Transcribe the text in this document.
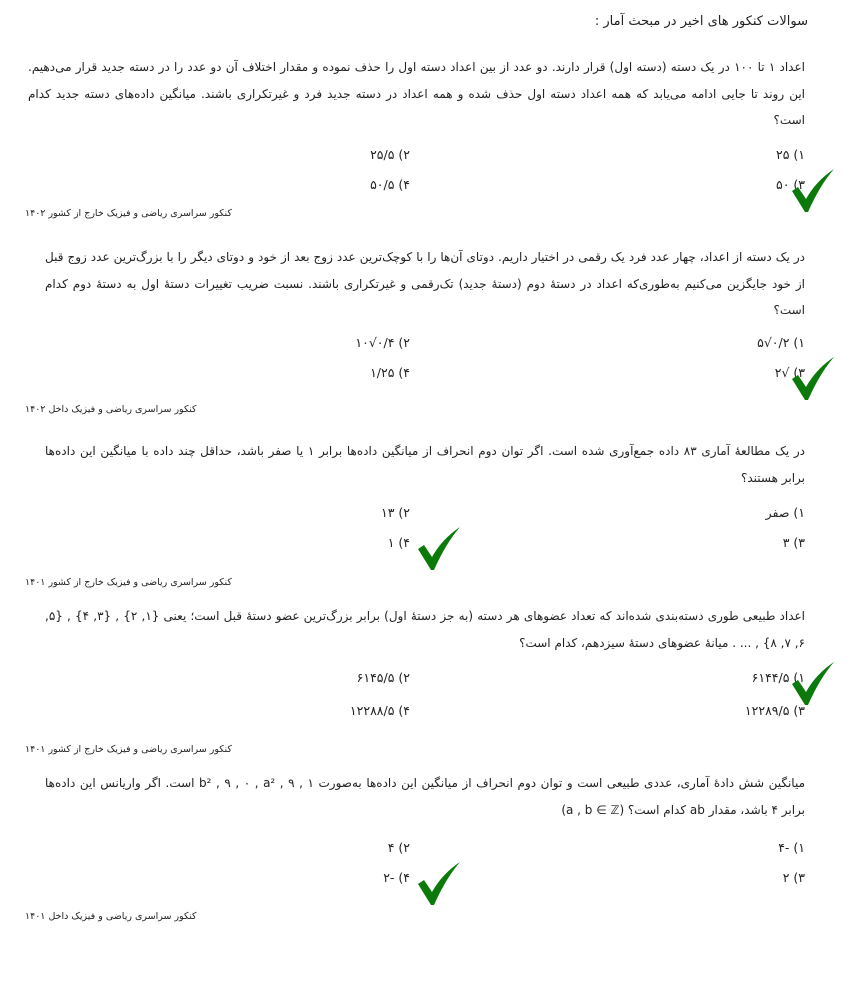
سوالات کنکور های اخیر در مبحث آمار :
اعداد ۱ تا ۱۰۰ در یک دسته (دسته اول) قرار دارند. دو عدد از بین اعداد دسته اول را حذف نموده و مقدار اختلاف آن دو عدد را در دسته جدید قرار می‌دهیم. این روند تا جایی ادامه می‌یابد که همه اعداد دسته اول حذف شده و همه اعداد در دسته جدید فرد و غیرتکراری باشند. میانگین داده‌های دسته جدید کدام است؟
۱) ۲۵
۲) ۲۵/۵
۳) ۵۰
۴) ۵۰/۵
کنکور سراسری ریاضی و فیزیک خارج از کشور ۱۴۰۲
در یک دسته از اعداد، چهار عدد فرد یک رقمی در اختیار داریم. دوتای آن‌ها را با کوچک‌ترین عدد زوج بعد از خود و دوتای دیگر را با بزرگ‌ترین عدد زوج قبل از خود جایگزین می‌کنیم به‌طوری‌که اعداد در دستهٔ دوم (دستهٔ جدید) تک‌رقمی و غیرتکراری باشند. نسبت ضریب تغییرات دستهٔ اول به دستهٔ دوم کدام است؟
۱) ۰/۲√۵
۲) ۰/۴√۱۰
۳) √۲
۴) ۱/۲۵
کنکور سراسری ریاضی و فیزیک داخل ۱۴۰۲
در یک مطالعهٔ آماری ۸۳ داده جمع‌آوری شده است. اگر توان دوم انحراف از میانگین داده‌ها برابر ۱ یا صفر باشد، حداقل چند داده با میانگین این داده‌ها برابر هستند؟
۱) صفر
۲) ۱۳
۳) ۳
۴) ۱
کنکور سراسری ریاضی و فیزیک خارج از کشور ۱۴۰۱
اعداد طبیعی طوری دسته‌بندی شده‌اند که تعداد عضوهای هر دسته (به جز دستهٔ اول) برابر بزرگ‌ترین عضو دستهٔ قبل است؛ یعنی {۱, ۲} , {۳, ۴} , {۵, ۶, ۷, ۸} , ... . میانهٔ عضوهای دستهٔ سیزدهم، کدام است؟
۱) ۶۱۴۴/۵
۲) ۶۱۴۵/۵
۳) ۱۲۲۸۹/۵
۴) ۱۲۲۸۸/۵
کنکور سراسری ریاضی و فیزیک خارج از کشور ۱۴۰۱
میانگین شش دادهٔ آماری، عددی طبیعی است و توان دوم انحراف از میانگین این داده‌ها به‌صورت ۱ , b² , ۹ , ۰ , a² , ۹ است. اگر واریانس این داده‌ها برابر ۴ باشد، مقدار ab کدام است؟ (a , b ∈ ℤ)
۱) -۴
۲) ۴
۳) ۲
۴) -۲
کنکور سراسری ریاضی و فیزیک داخل ۱۴۰۱
